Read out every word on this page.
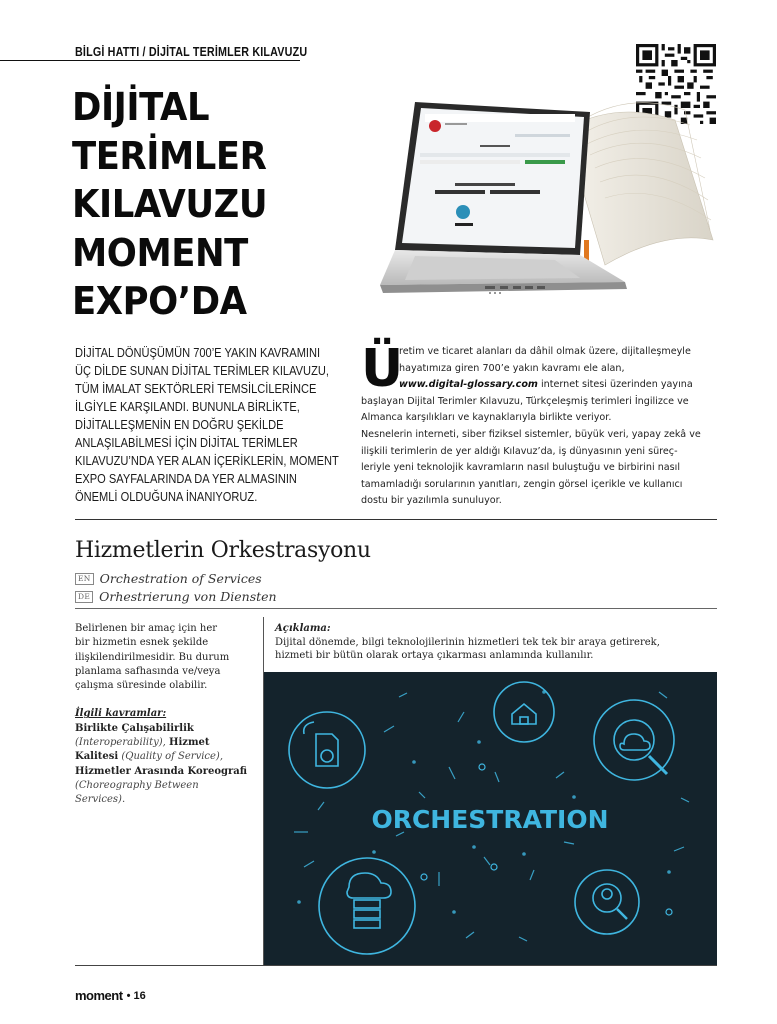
BİLGİ HATTI / DİJİTAL TERİMLER KILAVUZU
DİJİTAL
TERİMLER
KILAVUZU
MOMENT
EXPO’DA
DİJİTAL DÖNÜŞÜMÜN 700’E YAKIN KAVRAMINI
ÜÇ DİLDE SUNAN DİJİTAL TERİMLER KILAVUZU,
TÜM İMALAT SEKTÖRLERİ TEMSİLCİLERİNCE
İLGİYLE KARŞILANDI. BUNUNLA BİRLİKTE,
DİJİTALLEŞMENİN EN DOĞRU ŞEKİLDE
ANLAŞILABİLMESİ İÇİN DİJİTAL TERİMLER
KILAVUZU’NDA YER ALAN İÇERİKLERİN, MOMENT
EXPO SAYFALARINDA DA YER ALMASININ
ÖNEMLİ OLDUĞUNA İNANIYORUZ.
Ü
retim ve ticaret alanları da dâhil olmak üzere, dijitalleşmeyle
hayatımıza giren 700’e yakın kavramı ele alan,
www.digital-glossary.com internet sitesi üzerinden yayına
başlayan Dijital Terimler Kılavuzu, Türkçeleşmiş terimleri İngilizce ve
Almanca karşılıkları ve kaynaklarıyla birlikte veriyor.
Nesnelerin interneti, siber fiziksel sistemler, büyük veri, yapay zekâ ve
ilişkili terimlerin de yer aldığı Kılavuz’da, iş dünyasının yeni süreç-
leriyle yeni teknolojik kavramların nasıl buluştuğu ve birbirini nasıl
tamamladığı sorularının yanıtları, zengin görsel içerikle ve kullanıcı
dostu bir yazılımla sunuluyor.
Hizmetlerin Orkestrasyonu
EN Orchestration of Services
DE Orhestrierung von Diensten
Belirlenen bir amaç için her
bir hizmetin esnek şekilde
ilişkilendirilmesidir. Bu durum
planlama safhasında ve/veya
çalışma süresinde olabilir.
İlgili kavramlar:
Birlikte Çalışabilirlik
(Interoperability), Hizmet
Kalitesi (Quality of Service),
Hizmetler Arasında Koreografi
(Choreography Between
Services).
Açıklama:
Dijital dönemde, bilgi teknolojilerinin hizmetleri tek tek bir araya getirerek,
hizmeti bir bütün olarak ortaya çıkarması anlamında kullanılır.
ORCHESTRATION
moment • 16
